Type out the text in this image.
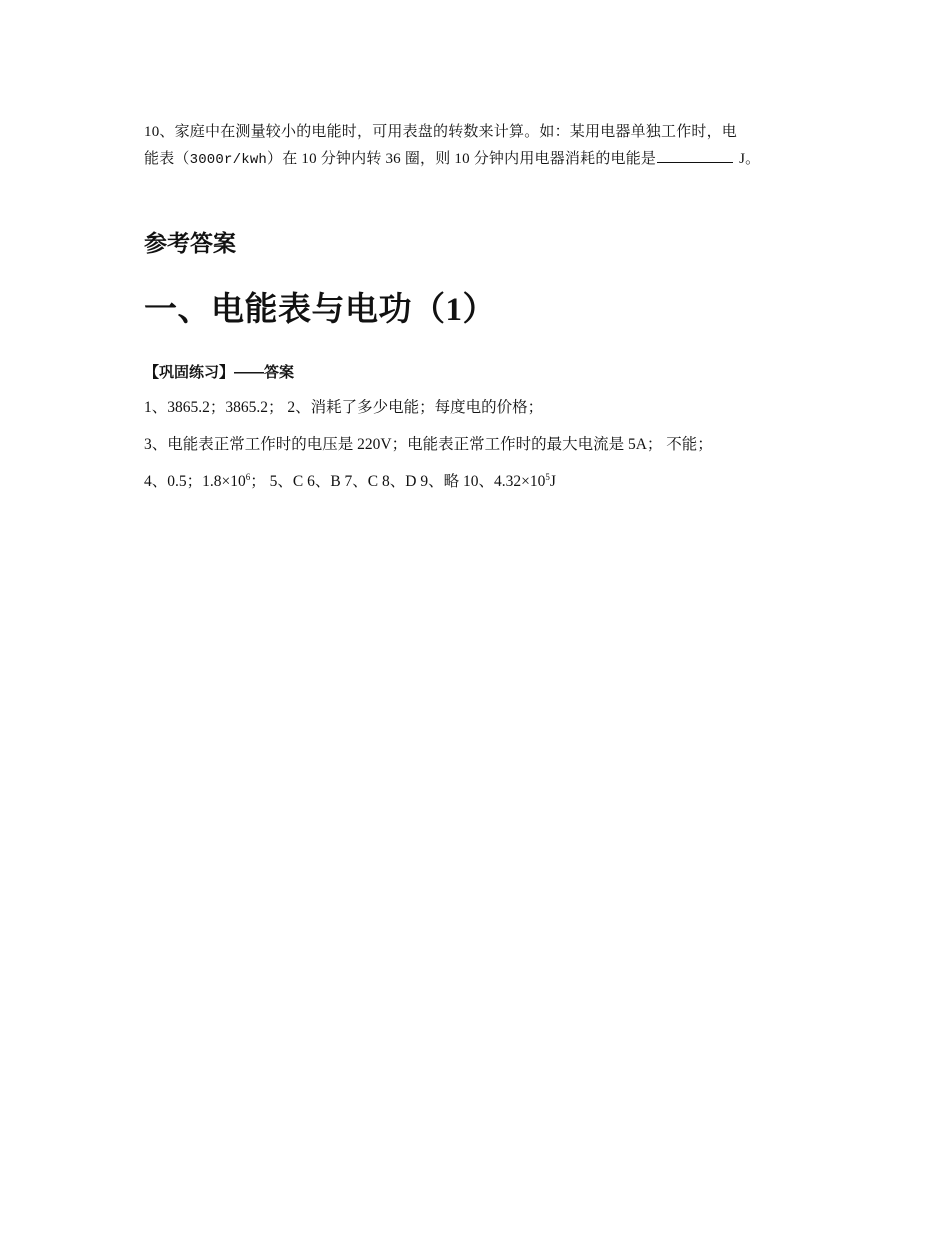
10、家庭中在测量较小的电能时，可用表盘的转数来计算。如：某用电器单独工作时，电
能表（3000r/kwh）在 10 分钟内转 36 圈，则 10 分钟内用电器消耗的电能是	J。
参考答案
一、电能表与电功（1）
【巩固练习】——答案
1、3865.2；3865.2； 2、消耗了多少电能；每度电的价格；
3、电能表正常工作时的电压是 220V；电能表正常工作时的最大电流是 5A； 不能；
4、0.5；$1.8\times 10^6$； 5、C 6、B 7、C 8、D 9、略 10、$4.32\times 10^5J$
